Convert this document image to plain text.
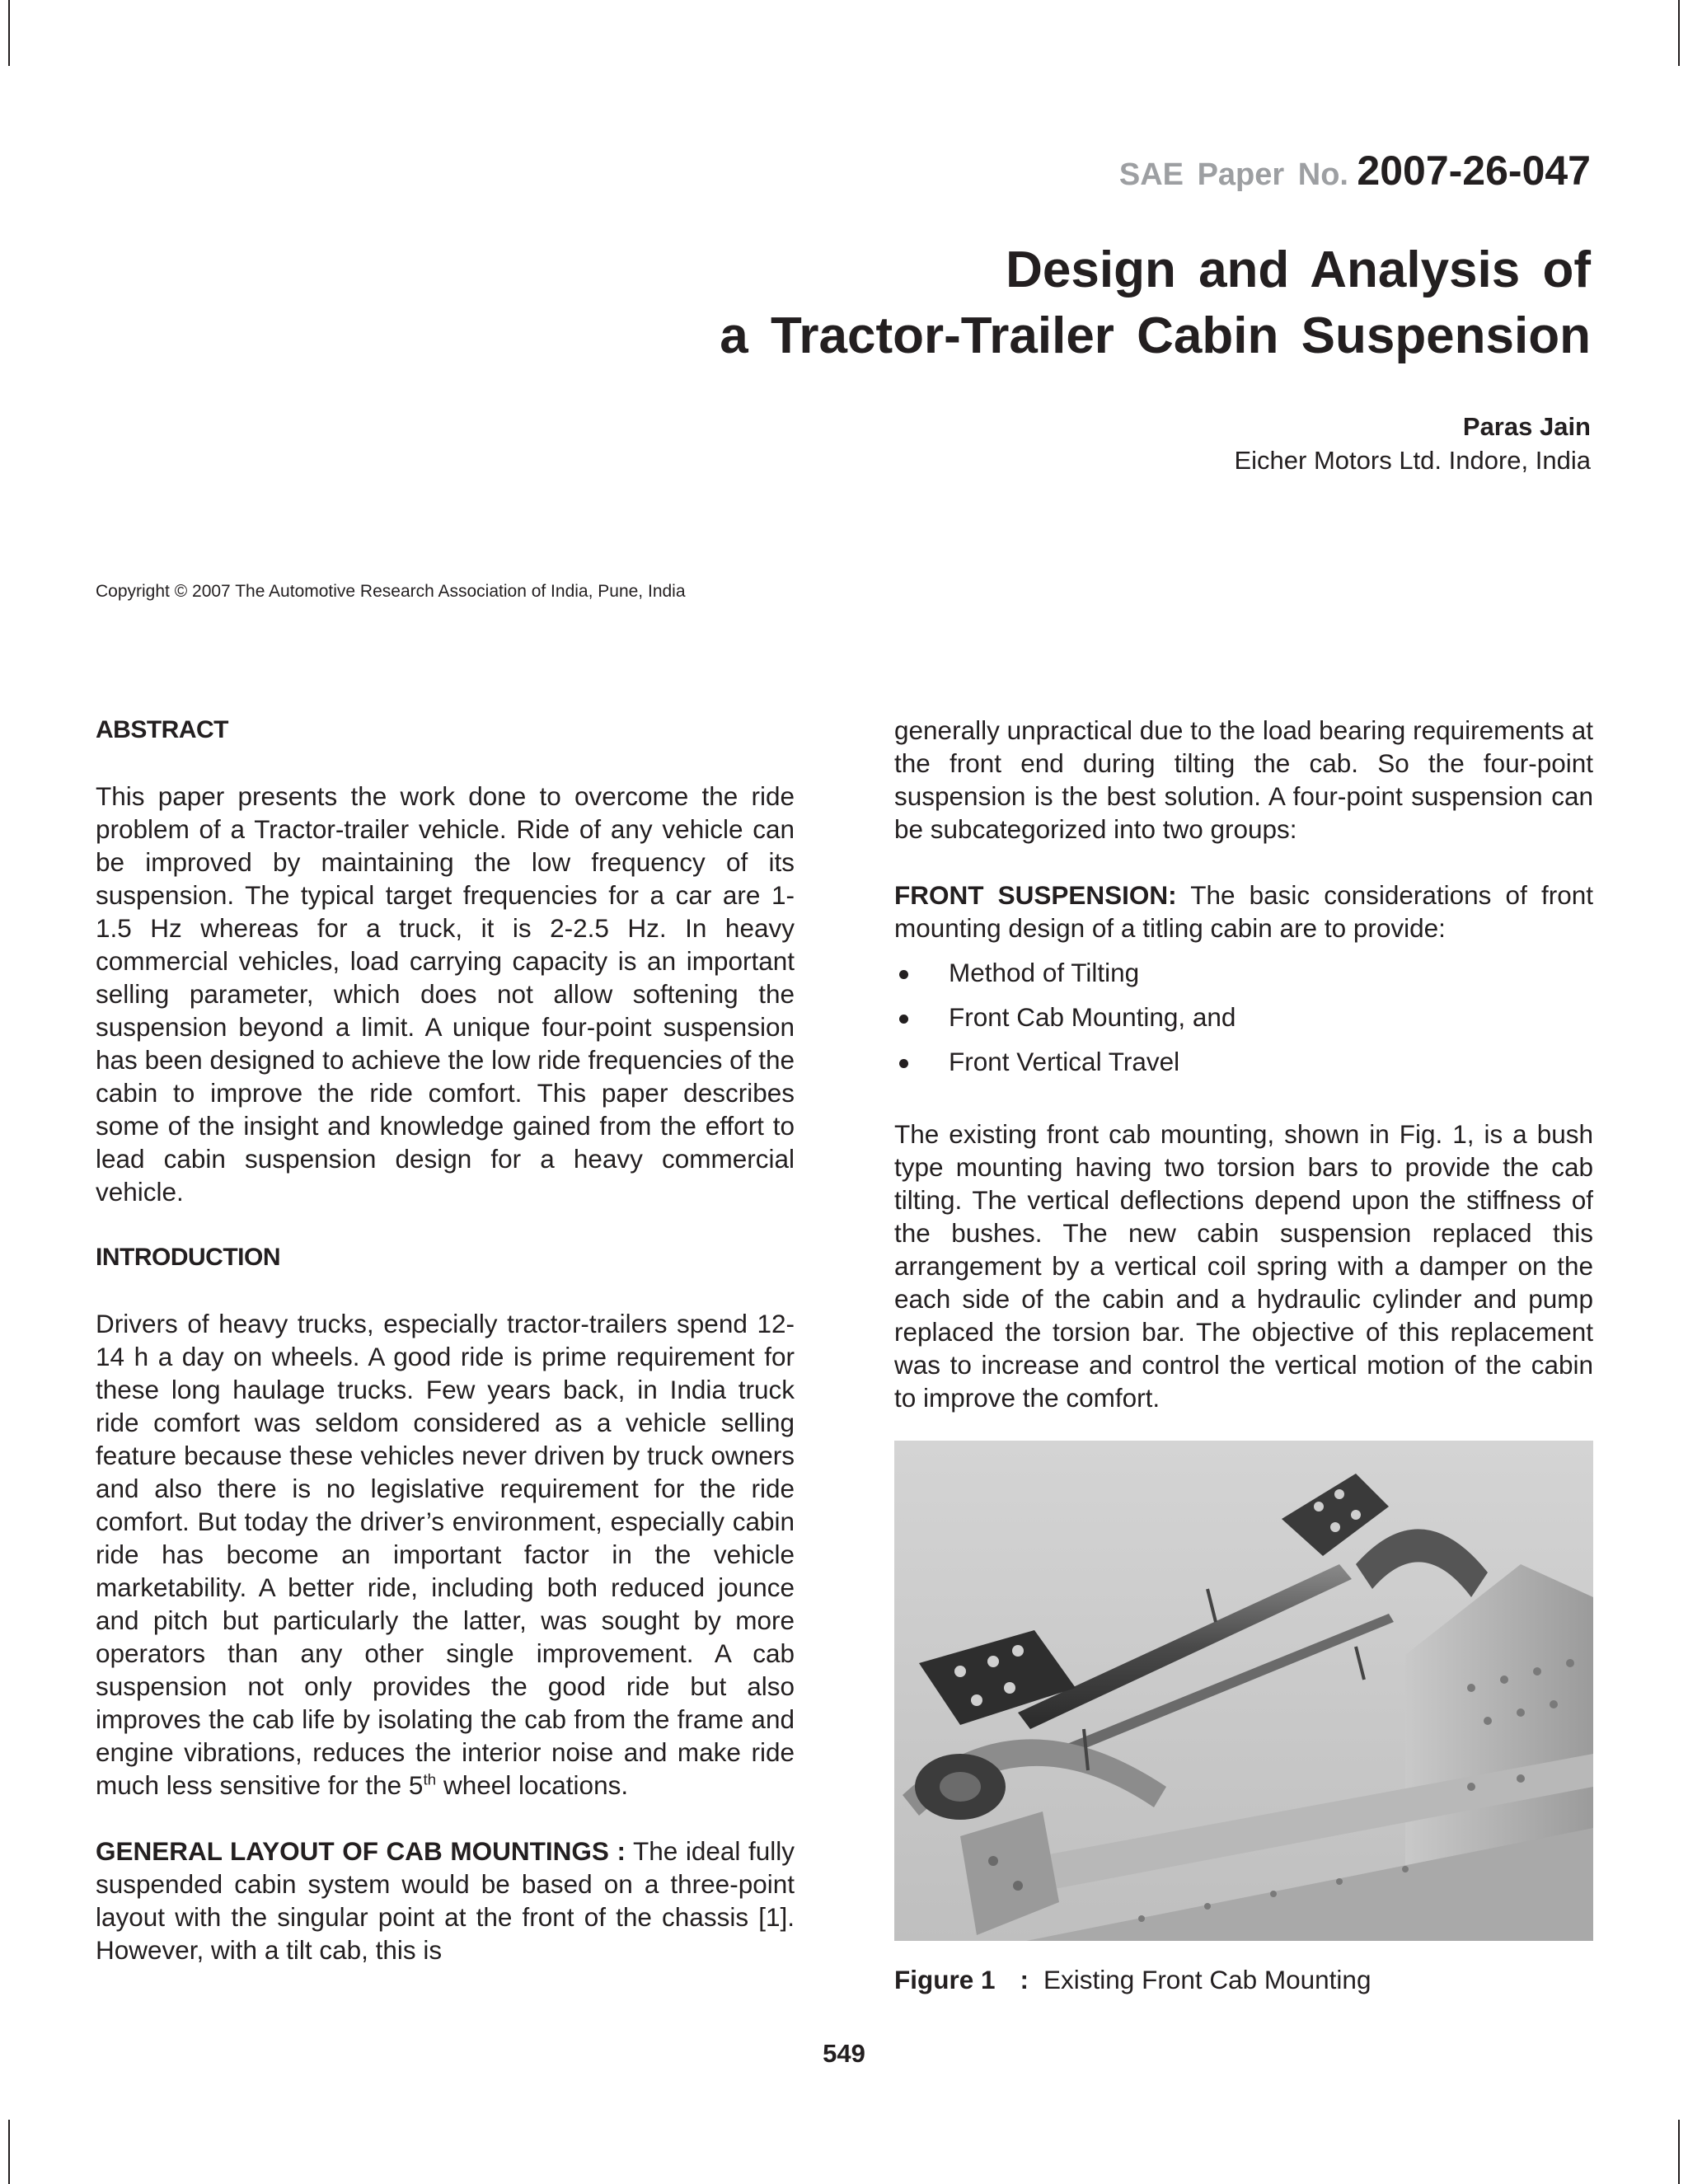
SAE Paper No. 2007-26-047
Design and Analysis of
a Tractor-Trailer Cabin Suspension
Paras Jain
Eicher Motors Ltd. Indore, India
Copyright © 2007 The Automotive Research Association of India, Pune, India
ABSTRACT

This paper presents the work done to overcome the ride problem of a Tractor-trailer vehicle. Ride of any vehicle can be improved by maintaining the low frequency of its suspension. The typical target frequencies for a car are 1-1.5 Hz whereas for a truck, it is 2-2.5 Hz. In heavy commercial vehicles, load carrying capacity is an important selling parameter, which does not allow softening the suspension beyond a limit. A unique four-point suspension has been designed to achieve the low ride frequencies of the cabin to improve the ride comfort. This paper describes some of the insight and knowledge gained from the effort to lead cabin suspension design for a heavy commercial vehicle.

INTRODUCTION

Drivers of heavy trucks, especially tractor-trailers spend 12-14 h a day on wheels. A good ride is prime requirement for these long haulage trucks. Few years back, in India truck ride comfort was seldom considered as a vehicle selling feature because these vehicles never driven by truck owners and also there is no legislative requirement for the ride comfort. But today the driver’s environment, especially cabin ride has become an important factor in the vehicle marketability. A better ride, including both reduced jounce and pitch but particularly the latter, was sought by more operators than any other single improvement. A cab suspension not only provides the good ride but also improves the cab life by isolating the cab from the frame and engine vibrations, reduces the interior noise and make ride much less sensitive for the 5th wheel locations.

GENERAL LAYOUT OF CAB MOUNTINGS : The ideal fully suspended cabin system would be based on a three-point layout with the singular point at the front of the chassis [1]. However, with a tilt cab, this is

generally unpractical due to the load bearing requirements at the front end during tilting the cab. So the four-point suspension is the best solution. A four-point suspension can be subcategorized into two groups:

FRONT SUSPENSION: The basic considerations of front mounting design of a titling cabin are to provide:

Method of Tilting
Front Cab Mounting, and
Front Vertical Travel

The existing front cab mounting, shown in Fig. 1, is a bush type mounting having two torsion bars to provide the cab tilting. The vertical deflections depend upon the stiffness of the bushes. The new cabin suspension replaced this arrangement by a vertical coil spring with a damper on the each side of the cabin and a hydraulic cylinder and pump replaced the torsion bar. The objective of this replacement was to increase and control the vertical motion of the cabin to improve the comfort.

Figure 1 : Existing Front Cab Mounting
549
